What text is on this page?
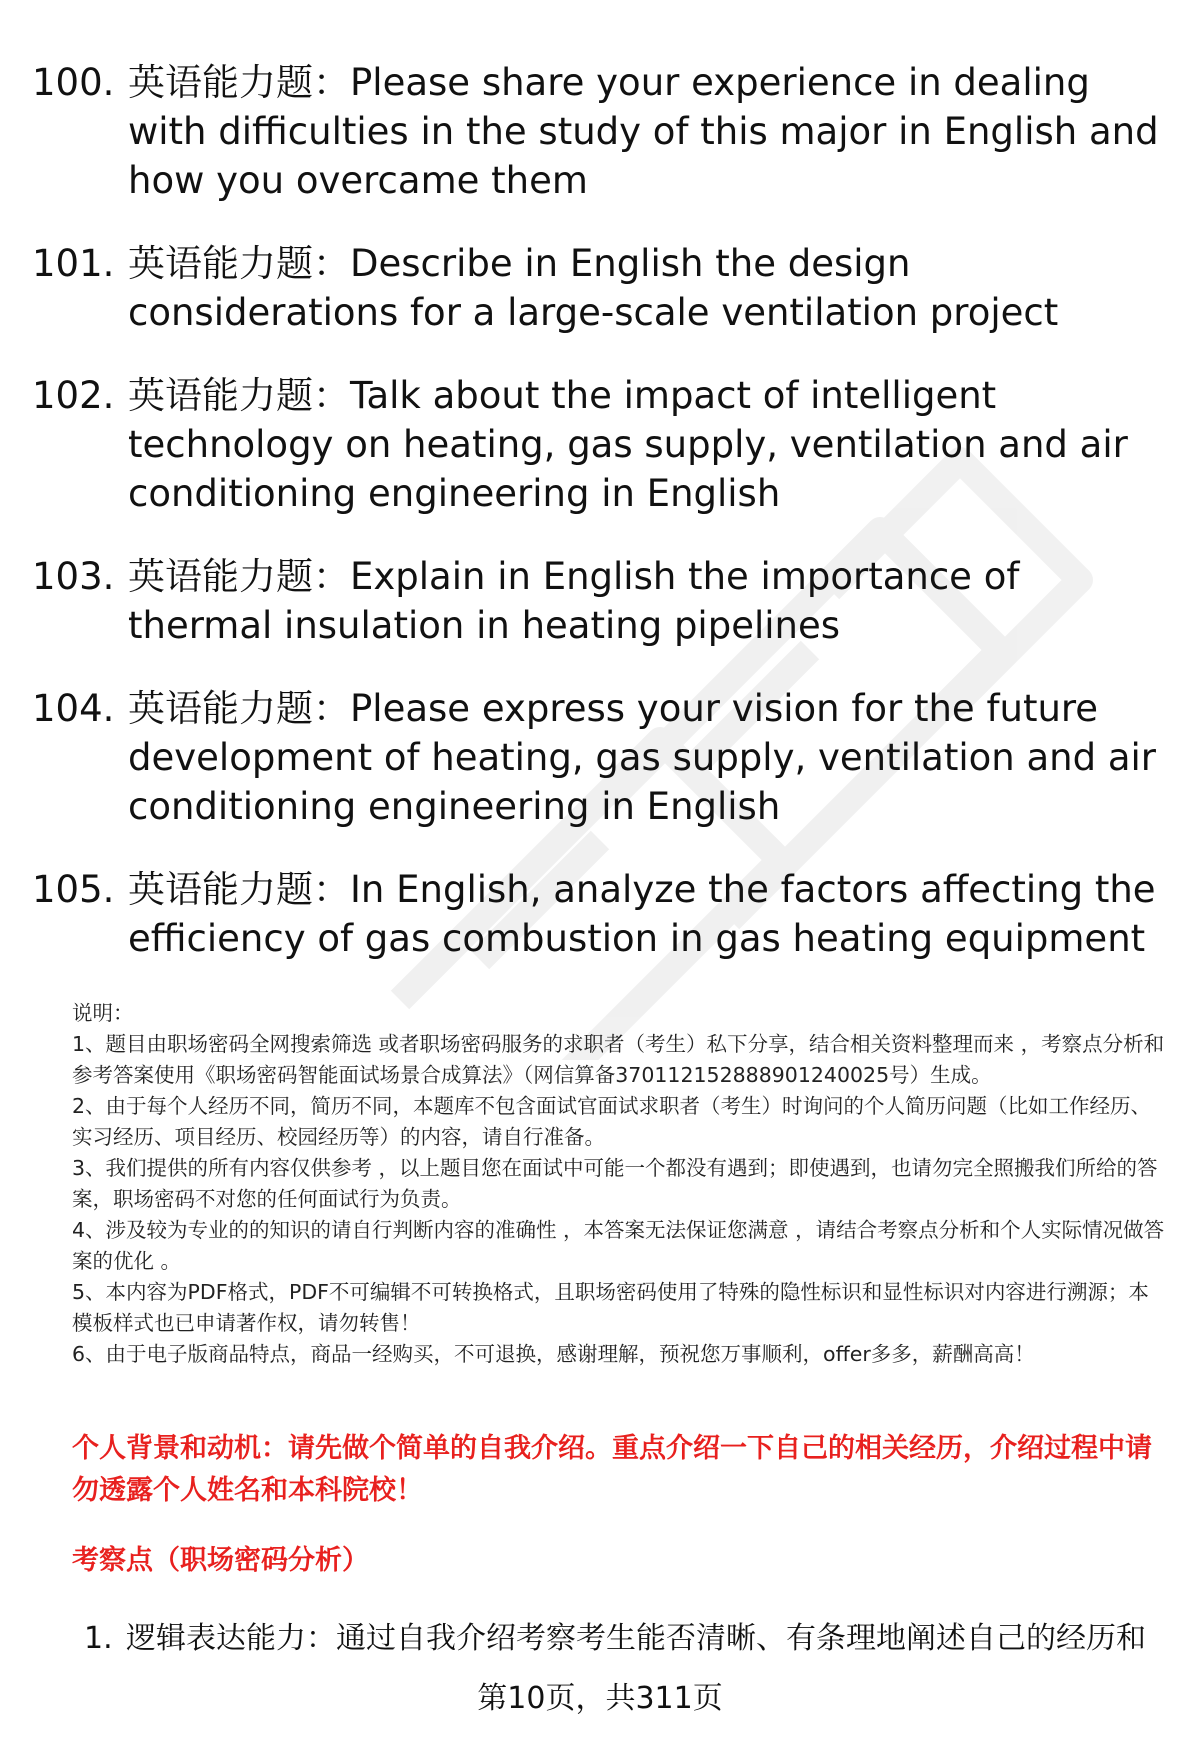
100. 英语能力题：Please share your experience in dealing with difficulties in the study of this major in English and how you overcame them
101. 英语能力题：Describe in English the design considerations for a large-scale ventilation project
102. 英语能力题：Talk about the impact of intelligent technology on heating, gas supply, ventilation and air conditioning engineering in English
103. 英语能力题：Explain in English the importance of thermal insulation in heating pipelines
104. 英语能力题：Please express your vision for the future development of heating, gas supply, ventilation and air conditioning engineering in English
105. 英语能力题：In English, analyze the factors affecting the efficiency of gas combustion in gas heating equipment

说明：

1、题目由职场密码全网搜索筛选 或者职场密码服务的求职者（考生）私下分享，结合相关资料整理而来 ，考察点分析和参考答案使用《职场密码智能面试场景合成算法》（网信算备370112152888901240025号）生成。

2、由于每个人经历不同，简历不同，本题库不包含面试官面试求职者（考生）时询问的个人简历问题（比如工作经历、实习经历、项目经历、校园经历等）的内容，请自行准备。

3、我们提供的所有内容仅供参考 ，以上题目您在面试中可能一个都没有遇到；即使遇到，也请勿完全照搬我们所给的答案，职场密码不对您的任何面试行为负责。

4、涉及较为专业的的知识的请自行判断内容的准确性 ，本答案无法保证您满意 ，请结合考察点分析和个人实际情况做答案的优化 。

5、本内容为PDF格式，PDF不可编辑不可转换格式，且职场密码使用了特殊的隐性标识和显性标识对内容进行溯源；本模板样式也已申请著作权，请勿转售！

6、由于电子版商品特点，商品一经购买，不可退换，感谢理解，预祝您万事顺利，offer多多，薪酬高高！

个人背景和动机：请先做个简单的自我介绍。重点介绍一下自己的相关经历，介绍过程中请勿透露个人姓名和本科院校！
考察点（职场密码分析）
1. 逻辑表达能力：通过自我介绍考察考生能否清晰、有条理地阐述自己的经历和
第10页，共311页
